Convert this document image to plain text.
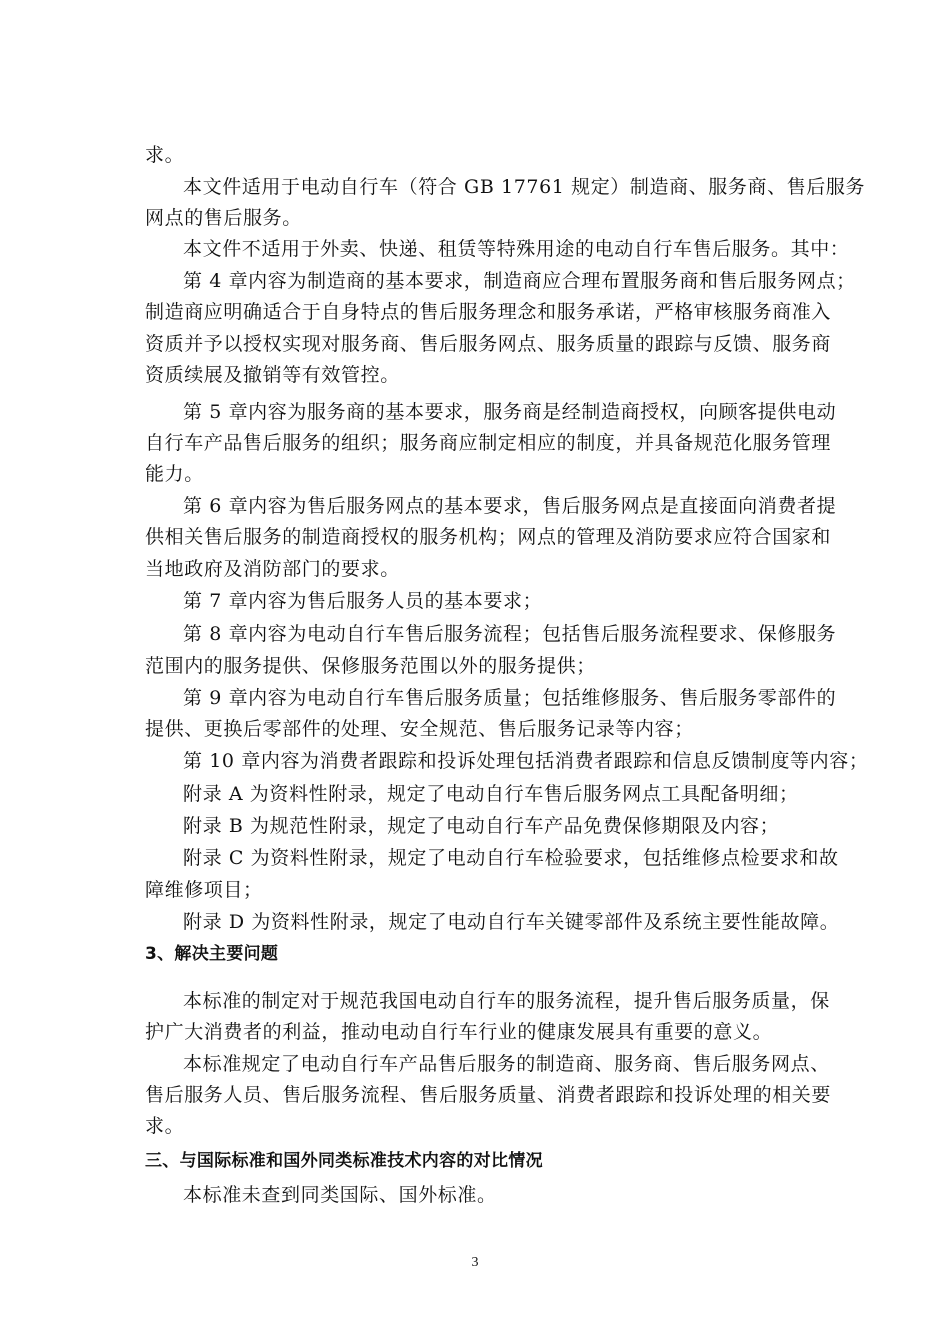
求。
本文件适用于电动自行车（符合 GB 17761 规定）制造商、服务商、售后服务
网点的售后服务。
本文件不适用于外卖、快递、租赁等特殊用途的电动自行车售后服务。其中：
第 4 章内容为制造商的基本要求，制造商应合理布置服务商和售后服务网点；
制造商应明确适合于自身特点的售后服务理念和服务承诺，严格审核服务商准入
资质并予以授权实现对服务商、售后服务网点、服务质量的跟踪与反馈、服务商
资质续展及撤销等有效管控。
第 5 章内容为服务商的基本要求，服务商是经制造商授权，向顾客提供电动
自行车产品售后服务的组织；服务商应制定相应的制度，并具备规范化服务管理
能力。
第 6 章内容为售后服务网点的基本要求，售后服务网点是直接面向消费者提
供相关售后服务的制造商授权的服务机构；网点的管理及消防要求应符合国家和
当地政府及消防部门的要求。
第 7 章内容为售后服务人员的基本要求；
第 8 章内容为电动自行车售后服务流程；包括售后服务流程要求、保修服务
范围内的服务提供、保修服务范围以外的服务提供；
第 9 章内容为电动自行车售后服务质量；包括维修服务、售后服务零部件的
提供、更换后零部件的处理、安全规范、售后服务记录等内容；
第 10 章内容为消费者跟踪和投诉处理包括消费者跟踪和信息反馈制度等内容；
附录 A 为资料性附录，规定了电动自行车售后服务网点工具配备明细；
附录 B 为规范性附录，规定了电动自行车产品免费保修期限及内容；
附录 C 为资料性附录，规定了电动自行车检验要求，包括维修点检要求和故
障维修项目；
附录 D 为资料性附录，规定了电动自行车关键零部件及系统主要性能故障。
3、解决主要问题
本标准的制定对于规范我国电动自行车的服务流程，提升售后服务质量，保
护广大消费者的利益，推动电动自行车行业的健康发展具有重要的意义。
本标准规定了电动自行车产品售后服务的制造商、服务商、售后服务网点、
售后服务人员、售后服务流程、售后服务质量、消费者跟踪和投诉处理的相关要
求。
三、与国际标准和国外同类标准技术内容的对比情况
本标准未查到同类国际、国外标准。
3
